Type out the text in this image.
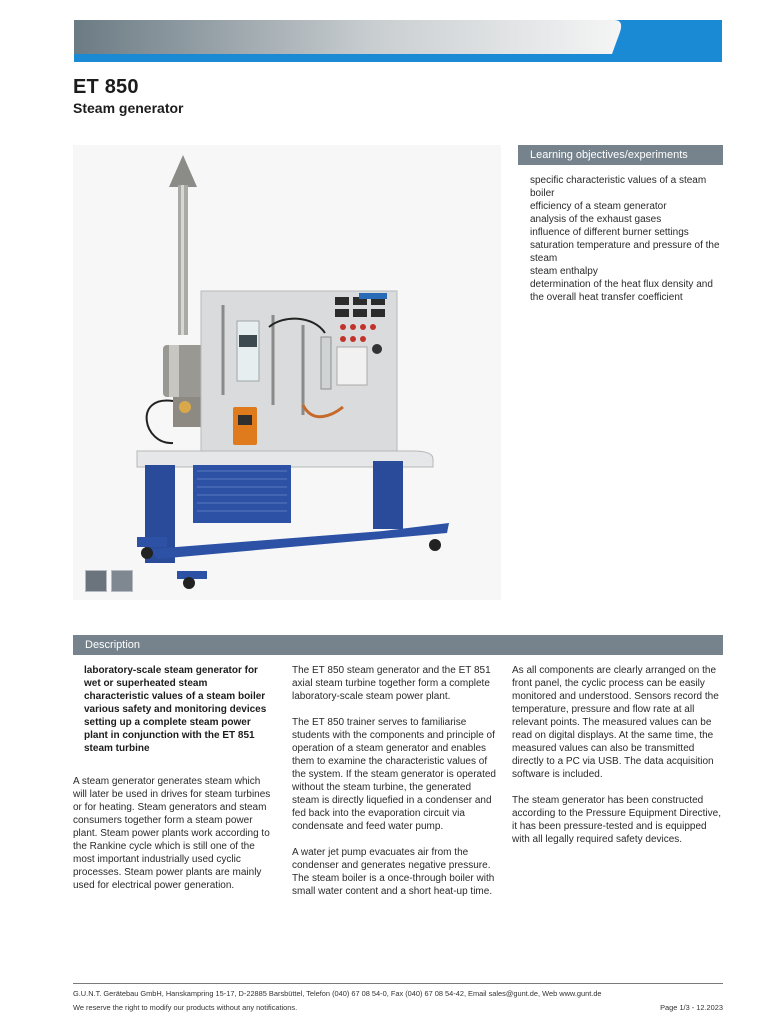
ET 850
Steam generator
Learning objectives/experiments
specific characteristic values of a steam boiler
efficiency of a steam generator
analysis of the exhaust gases
influence of different burner settings
saturation temperature and pressure of the steam
steam enthalpy
determination of the heat flux density and the overall heat transfer coefficient
Description
laboratory-scale steam generator for wet or superheated steam
characteristic values of a steam boiler
various safety and monitoring devices
setting up a complete steam power plant in conjunction with the ET 851 steam turbine

A steam generator generates steam which will later be used in drives for steam turbines or for heating. Steam generators and steam consumers together form a steam power plant. Steam power plants work according to the Rankine cycle which is still one of the most important industrially used cyclic processes. Steam power plants are mainly used for electrical power generation.

The ET 850 steam generator and the ET 851 axial steam turbine together form a complete laboratory-scale steam power plant.

The ET 850 trainer serves to familiarise students with the components and principle of operation of a steam generator and enables them to examine the characteristic values of the system. If the steam generator is operated without the steam turbine, the generated steam is directly liquefied in a condenser and fed back into the evaporation circuit via condensate and feed water pump.

A water jet pump evacuates air from the condenser and generates negative pressure. The steam boiler is a once-through boiler with small water content and a short heat-up time.

As all components are clearly arranged on the front panel, the cyclic process can be easily monitored and understood. Sensors record the temperature, pressure and flow rate at all relevant points. The measured values can be read on digital displays. At the same time, the measured values can also be transmitted directly to a PC via USB. The data acquisition software is included.

The steam generator has been constructed according to the Pressure Equipment Directive, it has been pressure-tested and is equipped with all legally required safety devices.

G.U.N.T. Gerätebau GmbH, Hanskampring 15-17, D-22885 Barsbüttel, Telefon (040) 67 08 54-0, Fax (040) 67 08 54-42, Email sales@gunt.de, Web www.gunt.de
We reserve the right to modify our products without any notifications.	Page 1/3 - 12.2023
